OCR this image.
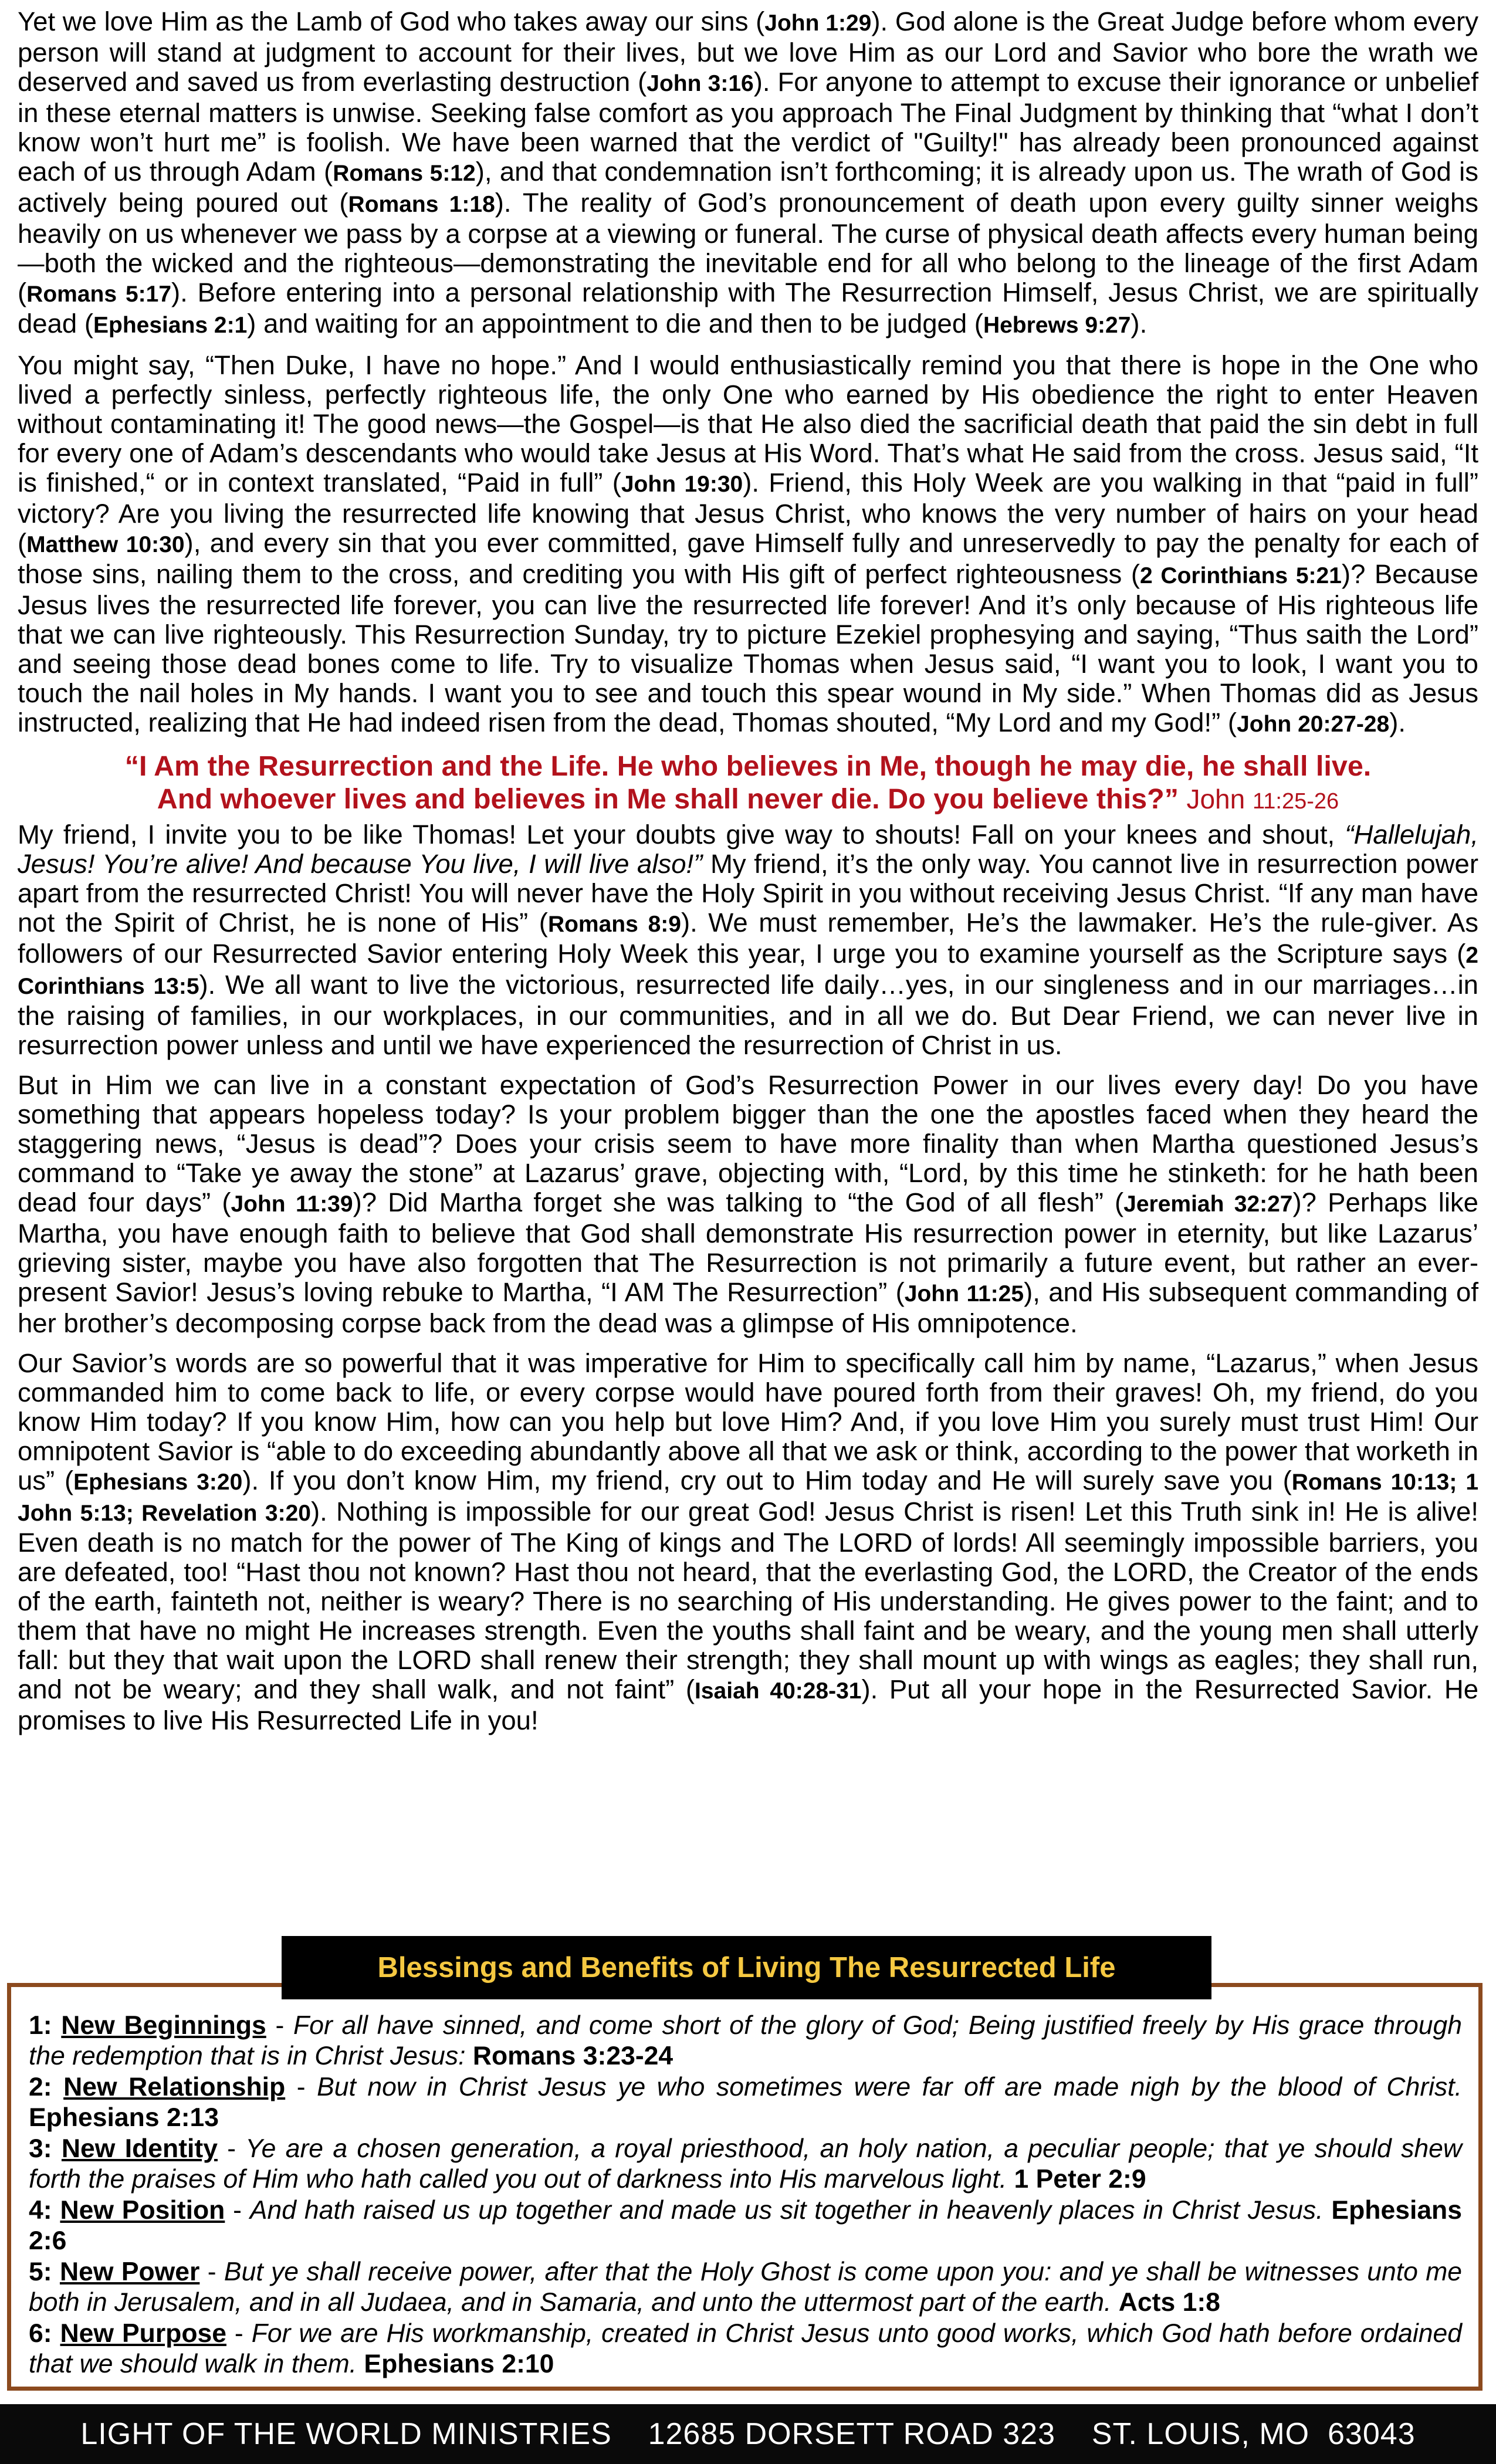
Yet we love Him as the Lamb of God who takes away our sins (John 1:29). God alone is the Great Judge before whom every person will stand at judgment to account for their lives, but we love Him as our Lord and Savior who bore the wrath we deserved and saved us from everlasting destruction (John 3:16). For anyone to attempt to excuse their ignorance or unbelief in these eternal matters is unwise. Seeking false comfort as you approach The Final Judgment by thinking that “what I don’t know won’t hurt me” is foolish. We have been warned that the verdict of "Guilty!" has already been pronounced against each of us through Adam (Romans 5:12), and that condemnation isn’t forthcoming; it is already upon us. The wrath of God is actively being poured out (Romans 1:18). The reality of God’s pronouncement of death upon every guilty sinner weighs heavily on us whenever we pass by a corpse at a viewing or funeral. The curse of physical death affects every human being—both the wicked and the righteous—demonstrating the inevitable end for all who belong to the lineage of the first Adam (Romans 5:17). Before entering into a personal relationship with The Resurrection Himself, Jesus Christ, we are spiritually dead (Ephesians 2:1) and waiting for an appointment to die and then to be judged (Hebrews 9:27).

You might say, “Then Duke, I have no hope.” And I would enthusiastically remind you that there is hope in the One who lived a perfectly sinless, perfectly righteous life, the only One who earned by His obedience the right to enter Heaven without contaminating it! The good news—the Gospel—is that He also died the sacrificial death that paid the sin debt in full for every one of Adam’s descendants who would take Jesus at His Word. That’s what He said from the cross. Jesus said, “It is finished,“ or in context translated, “Paid in full” (John 19:30). Friend, this Holy Week are you walking in that “paid in full” victory? Are you living the resurrected life knowing that Jesus Christ, who knows the very number of hairs on your head (Matthew 10:30), and every sin that you ever committed, gave Himself fully and unreservedly to pay the penalty for each of those sins, nailing them to the cross, and crediting you with His gift of perfect righteousness (2 Corinthians 5:21)? Because Jesus lives the resurrected life forever, you can live the resurrected life forever! And it’s only because of His righteous life that we can live righteously. This Resurrection Sunday, try to picture Ezekiel prophesying and saying, “Thus saith the Lord” and seeing those dead bones come to life. Try to visualize Thomas when Jesus said, “I want you to look, I want you to touch the nail holes in My hands. I want you to see and touch this spear wound in My side.” When Thomas did as Jesus instructed, realizing that He had indeed risen from the dead, Thomas shouted, “My Lord and my God!” (John 20:27-28).

“I Am the Resurrection and the Life. He who believes in Me, though he may die, he shall live.
And whoever lives and believes in Me shall never die. Do you believe this?” John 11:25-26

My friend, I invite you to be like Thomas! Let your doubts give way to shouts! Fall on your knees and shout, “Hallelujah, Jesus! You’re alive! And because You live, I will live also!” My friend, it’s the only way. You cannot live in resurrection power apart from the resurrected Christ! You will never have the Holy Spirit in you without receiving Jesus Christ. “If any man have not the Spirit of Christ, he is none of His” (Romans 8:9). We must remember, He’s the lawmaker. He’s the rule-giver. As followers of our Resurrected Savior entering Holy Week this year, I urge you to examine yourself as the Scripture says (2 Corinthians 13:5). We all want to live the victorious, resurrected life daily…yes, in our singleness and in our marriages…in the raising of families, in our workplaces, in our communities, and in all we do. But Dear Friend, we can never live in resurrection power unless and until we have experienced the resurrection of Christ in us.

But in Him we can live in a constant expectation of God’s Resurrection Power in our lives every day! Do you have something that appears hopeless today? Is your problem bigger than the one the apostles faced when they heard the staggering news, “Jesus is dead”? Does your crisis seem to have more finality than when Martha questioned Jesus’s command to “Take ye away the stone” at Lazarus’ grave, objecting with, “Lord, by this time he stinketh: for he hath been dead four days” (John 11:39)? Did Martha forget she was talking to “the God of all flesh” (Jeremiah 32:27)? Perhaps like Martha, you have enough faith to believe that God shall demonstrate His resurrection power in eternity, but like Lazarus’ grieving sister, maybe you have also forgotten that The Resurrection is not primarily a future event, but rather an ever-present Savior! Jesus’s loving rebuke to Martha, “I AM The Resurrection” (John 11:25), and His subsequent commanding of her brother’s decomposing corpse back from the dead was a glimpse of His omnipotence.

Our Savior’s words are so powerful that it was imperative for Him to specifically call him by name, “Lazarus,” when Jesus commanded him to come back to life, or every corpse would have poured forth from their graves! Oh, my friend, do you know Him today? If you know Him, how can you help but love Him? And, if you love Him you surely must trust Him! Our omnipotent Savior is “able to do exceeding abundantly above all that we ask or think, according to the power that worketh in us” (Ephesians 3:20). If you don’t know Him, my friend, cry out to Him today and He will surely save you (Romans 10:13; 1 John 5:13; Revelation 3:20). Nothing is impossible for our great God! Jesus Christ is risen! Let this Truth sink in! He is alive! Even death is no match for the power of The King of kings and The LORD of lords! All seemingly impossible barriers, you are defeated, too! “Hast thou not known? Hast thou not heard, that the everlasting God, the LORD, the Creator of the ends of the earth, fainteth not, neither is weary? There is no searching of His understanding. He gives power to the faint; and to them that have no might He increases strength. Even the youths shall faint and be weary, and the young men shall utterly fall: but they that wait upon the LORD shall renew their strength; they shall mount up with wings as eagles; they shall run, and not be weary; and they shall walk, and not faint” (Isaiah 40:28-31). Put all your hope in the Resurrected Savior. He promises to live His Resurrected Life in you!

1: New Beginnings - For all have sinned, and come short of the glory of God; Being justified freely by His grace through the redemption that is in Christ Jesus: Romans 3:23-24

2: New Relationship - But now in Christ Jesus ye who sometimes were far off are made nigh by the blood of Christ. Ephesians 2:13

3: New Identity - Ye are a chosen generation, a royal priesthood, an holy nation, a peculiar people; that ye should shew forth the praises of Him who hath called you out of darkness into His marvelous light. 1 Peter 2:9

4: New Position - And hath raised us up together and made us sit together in heavenly places in Christ Jesus. Ephesians 2:6

5: New Power - But ye shall receive power, after that the Holy Ghost is come upon you: and ye shall be witnesses unto me both in Jerusalem, and in all Judaea, and in Samaria, and unto the uttermost part of the earth. Acts 1:8

6: New Purpose - For we are His workmanship, created in Christ Jesus unto good works, which God hath before ordained that we should walk in them. Ephesians 2:10

Blessings and Benefits of Living The Resurrected Life
LIGHT OF THE WORLD MINISTRIES
12685 DORSETT ROAD 323
ST. LOUIS, MO  63043
